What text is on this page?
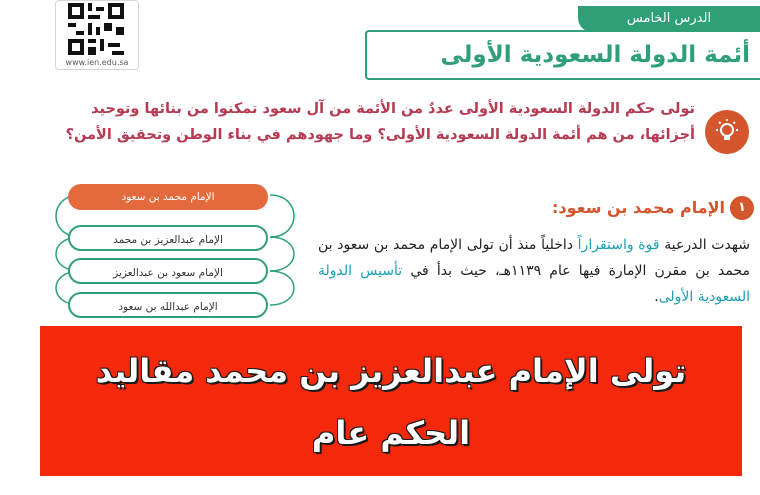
www.ien.edu.sa
الدرس الخامس
أئمة الدولة السعودية الأولى
تولى حكم الدولة السعودية الأولى عددٌ من الأئمة من آل سعود تمكنوا من بنائها وتوحيد أجزائها، من هم أئمة الدولة السعودية الأولى؟ وما جهودهم في بناء الوطن وتحقيق الأمن؟
١
الإمام محمد بن سعود:
شهدت الدرعية قوة واستقراراً داخلياً منذ أن تولى الإمام محمد بن سعود بن محمد بن مقرن الإمارة فيها عام ١١٣٩هـ، حيث بدأ في تأسيس الدولة السعودية الأولى.
الإمام محمد بن سعود
الإمام عبدالعزيز بن محمد
الإمام سعود بن عبدالعزيز
الإمام عبدالله بن سعود
تولى الإمام عبدالعزيز بن محمد مقاليد
الحكم عام
